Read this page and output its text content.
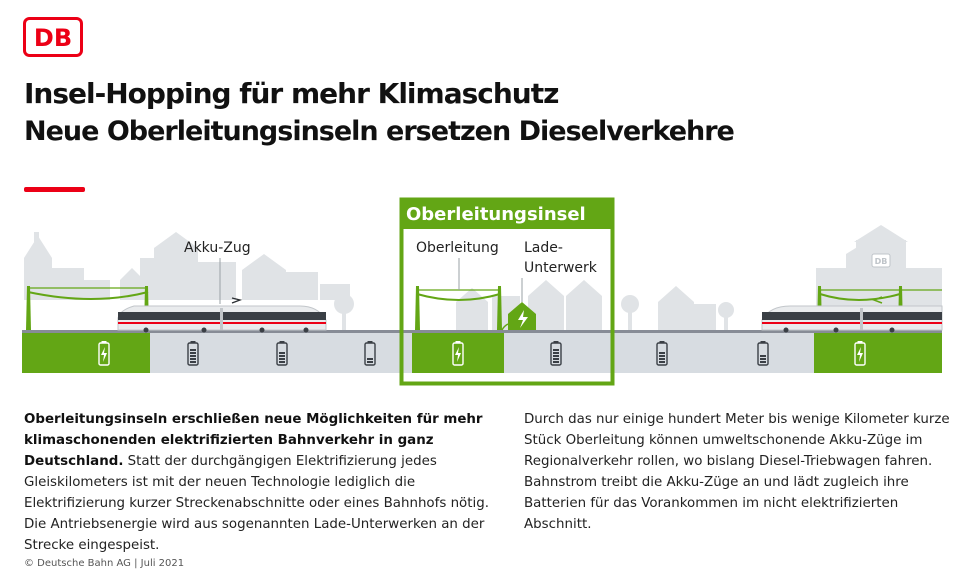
DB
Insel-Hopping für mehr Klimaschutz
Neue Oberleitungsinseln ersetzen Dieselverkehre
DB
Oberleitungsinsel
Akku-Zug	Oberleitung Lade-
Unterwerk
Oberleitungsinseln erschließen neue Möglichkeiten für mehr klimaschonenden elektrifizierten Bahnverkehr in ganz Deutschland. Statt der durchgängigen Elektrifizierung jedes Gleiskilometers ist mit der neuen Technologie lediglich die Elektrifizierung kurzer Streckenabschnitte oder eines Bahnhofs nötig. Die Antriebsenergie wird aus sogenannten Lade-Unterwerken an der Strecke eingespeist.
Durch das nur einige hundert Meter bis wenige Kilometer kurze Stück Oberleitung können umweltschonende Akku-Züge im Regionalverkehr rollen, wo bislang Diesel-Triebwagen fahren. Bahnstrom treibt die Akku-Züge an und lädt zugleich ihre Batterien für das Vorankommen im nicht elektrifizierten Abschnitt.
© Deutsche Bahn AG | Juli 2021
